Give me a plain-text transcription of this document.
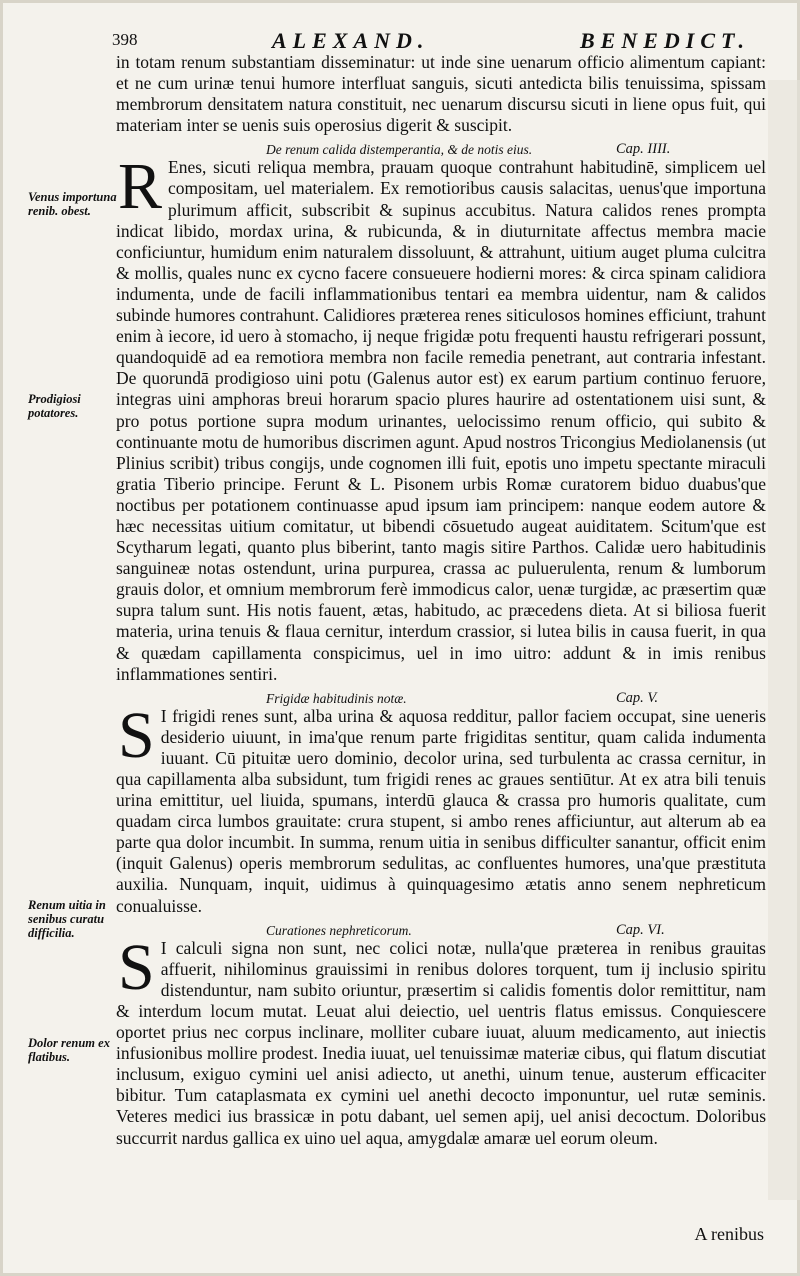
398	ALEXAND.	BENEDICT.

in totam renum substantiam disseminatur: ut inde sine uenarum officio alimentum capiant: et ne cum urinæ tenui humore interfluat sanguis, sicuti antedicta bilis tenuissima, spissam membrorum densitatem natura constituit, nec uenarum discursu sicuti in liene opus fuit, qui materiam inter se uenis suis operosius digerit & suscipit.

De renum calida distemperantia, & de notis eius.	Cap. IIII.

R Enes, sicuti reliqua membra, prauam quoque contrahunt habitudinē, simplicem uel compositam, uel materialem. Ex remotioribus causis salacitas, uenus'que importuna plurimum afficit, subscribit & supinus accubitus. Natura calidos renes prompta indicat libido, mordax urina, & rubicunda, & in diuturnitate affectus membra macie conficiuntur, humidum enim naturalem dissoluunt, & attrahunt, uitium auget pluma culcitra & mollis, quales nunc ex cycno facere consueuere hodierni mores: & circa spinam calidiora indumenta, unde de facili inflammationibus tentari ea membra uidentur, nam & calidos subinde humores contrahunt. Calidiores præterea renes siticulosos homines efficiunt, trahunt enim à iecore, id uero à stomacho, ij neque frigidæ potu frequenti haustu refrigerari possunt, quandoquidē ad ea remotiora membra non facile remedia penetrant, aut contraria infestant. De quorundā prodigioso uini potu (Galenus autor est) ex earum partium continuo feruore, integras uini amphoras breui horarum spacio plures haurire ad ostentationem uisi sunt, & pro potus portione supra modum urinantes, uelocissimo renum officio, qui subito & continuante motu de humoribus discrimen agunt. Apud nostros Tricongius Mediolanensis (ut Plinius scribit) tribus congijs, unde cognomen illi fuit, epotis uno impetu spectante miraculi gratia Tiberio principe. Ferunt & L. Pisonem urbis Romæ curatorem biduo duabus'que noctibus per potationem continuasse apud ipsum iam principem: nanque eodem autore & hæc necessitas uitium comitatur, ut bibendi cōsuetudo augeat auiditatem. Scitum'que est Scytharum legati, quanto plus biberint, tanto magis sitire Parthos. Calidæ uero habitudinis sanguineæ notas ostendunt, urina purpurea, crassa ac puluerulenta, renum & lumborum grauis dolor, et omnium membrorum ferè immodicus calor, uenæ turgidæ, ac præsertim quæ supra talum sunt. His notis fauent, ætas, habitudo, ac præcedens dieta. At si biliosa fuerit materia, urina tenuis & flaua cernitur, interdum crassior, si lutea bilis in causa fuerit, in qua & quædam capillamenta conspicimus, uel in imo uitro: addunt & in imis renibus inflammationes sentiri.

Frigidæ habitudinis notæ.	Cap. V.

S I frigidi renes sunt, alba urina & aquosa redditur, pallor faciem occupat, sine ueneris desiderio uiuunt, in ima'que renum parte frigiditas sentitur, quam calida indumenta iuuant. Cū pituitæ uero dominio, decolor urina, sed turbulenta ac crassa cernitur, in qua capillamenta alba subsidunt, tum frigidi renes ac graues sentiūtur. At ex atra bili tenuis urina emittitur, uel liuida, spumans, interdū glauca & crassa pro humoris qualitate, cum quadam circa lumbos grauitate: crura stupent, si ambo renes afficiuntur, aut alterum ab ea parte qua dolor incumbit. In summa, renum uitia in senibus difficulter sanantur, officit enim (inquit Galenus) operis membrorum sedulitas, ac confluentes humores, una'que præstituta auxilia. Nunquam, inquit, uidimus à quinquagesimo ætatis anno senem nephreticum conualuisse.

Curationes nephreticorum.	Cap. VI.

S I calculi signa non sunt, nec colici notæ, nulla'que præterea in renibus grauitas affuerit, nihilominus grauissimi in renibus dolores torquent, tum ij inclusio spiritu distenduntur, nam subito oriuntur, præsertim si calidis fomentis dolor remittitur, nam & interdum locum mutat. Leuat alui deiectio, uel uentris flatus emissus. Conquiescere oportet prius nec corpus inclinare, molliter cubare iuuat, aluum medicamento, aut iniectis infusionibus mollire prodest. Inedia iuuat, uel tenuissimæ materiæ cibus, qui flatum discutiat inclusum, exiguo cymini uel anisi adiecto, ut anethi, uinum tenue, austerum efficaciter bibitur. Tum cataplasmata ex cymini uel anethi decocto imponuntur, uel rutæ seminis. Veteres medici ius brassicæ in potu dabant, uel semen apij, uel anisi decoctum. Doloribus succurrit nardus gallica ex uino uel aqua, amygdalæ amaræ uel eorum oleum.

Venus importuna renib. obest.
Prodigiosi potatores.
Renum uitia in senibus curatu difficilia.
Dolor renum ex flatibus.
A renibus
